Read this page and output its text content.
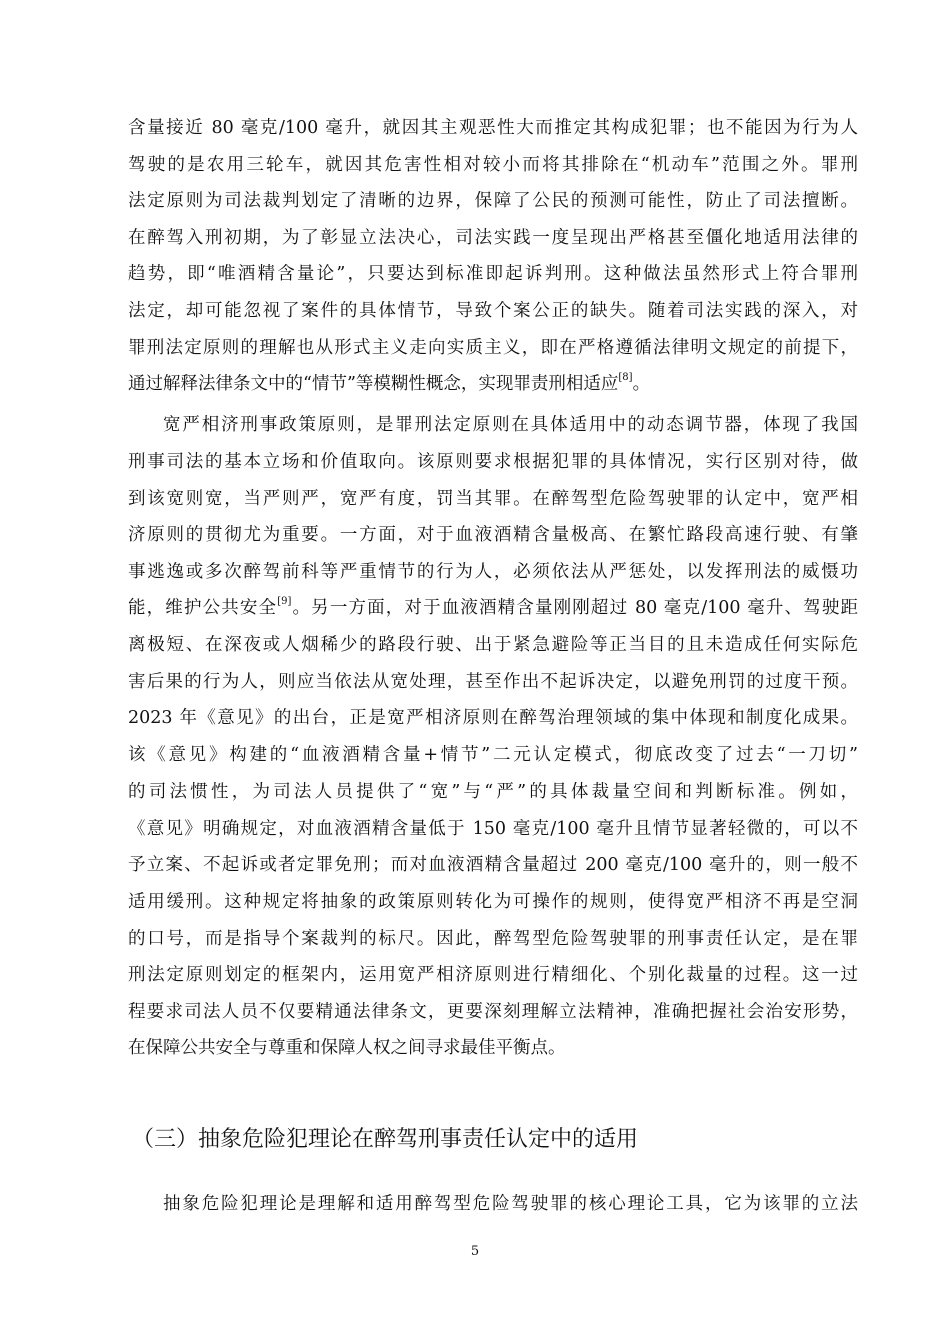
含量接近 80 毫克/100 毫升，就因其主观恶性大而推定其构成犯罪；也不能因为行为人
驾驶的是农用三轮车，就因其危害性相对较小而将其排除在“机动车”范围之外。罪刑
法定原则为司法裁判划定了清晰的边界，保障了公民的预测可能性，防止了司法擅断。
在醉驾入刑初期，为了彰显立法决心，司法实践一度呈现出严格甚至僵化地适用法律的
趋势，即“唯酒精含量论”，只要达到标准即起诉判刑。这种做法虽然形式上符合罪刑
法定，却可能忽视了案件的具体情节，导致个案公正的缺失。随着司法实践的深入，对
罪刑法定原则的理解也从形式主义走向实质主义，即在严格遵循法律明文规定的前提下，
通过解释法律条文中的“情节”等模糊性概念，实现罪责刑相适应[8]。
宽严相济刑事政策原则，是罪刑法定原则在具体适用中的动态调节器，体现了我国
刑事司法的基本立场和价值取向。该原则要求根据犯罪的具体情况，实行区别对待，做
到该宽则宽，当严则严，宽严有度，罚当其罪。在醉驾型危险驾驶罪的认定中，宽严相
济原则的贯彻尤为重要。一方面，对于血液酒精含量极高、在繁忙路段高速行驶、有肇
事逃逸或多次醉驾前科等严重情节的行为人，必须依法从严惩处，以发挥刑法的威慑功
能，维护公共安全[9]。另一方面，对于血液酒精含量刚刚超过 80 毫克/100 毫升、驾驶距
离极短、在深夜或人烟稀少的路段行驶、出于紧急避险等正当目的且未造成任何实际危
害后果的行为人，则应当依法从宽处理，甚至作出不起诉决定，以避免刑罚的过度干预。
2023 年《意见》的出台，正是宽严相济原则在醉驾治理领域的集中体现和制度化成果。
该《意见》构建的“血液酒精含量+情节”二元认定模式，彻底改变了过去“一刀切”
的司法惯性，为司法人员提供了“宽”与“严”的具体裁量空间和判断标准。例如，
《意见》明确规定，对血液酒精含量低于 150 毫克/100 毫升且情节显著轻微的，可以不
予立案、不起诉或者定罪免刑；而对血液酒精含量超过 200 毫克/100 毫升的，则一般不
适用缓刑。这种规定将抽象的政策原则转化为可操作的规则，使得宽严相济不再是空洞
的口号，而是指导个案裁判的标尺。因此，醉驾型危险驾驶罪的刑事责任认定，是在罪
刑法定原则划定的框架内，运用宽严相济原则进行精细化、个别化裁量的过程。这一过
程要求司法人员不仅要精通法律条文，更要深刻理解立法精神，准确把握社会治安形势，
在保障公共安全与尊重和保障人权之间寻求最佳平衡点。
（三）抽象危险犯理论在醉驾刑事责任认定中的适用
抽象危险犯理论是理解和适用醉驾型危险驾驶罪的核心理论工具，它为该罪的立法
5
